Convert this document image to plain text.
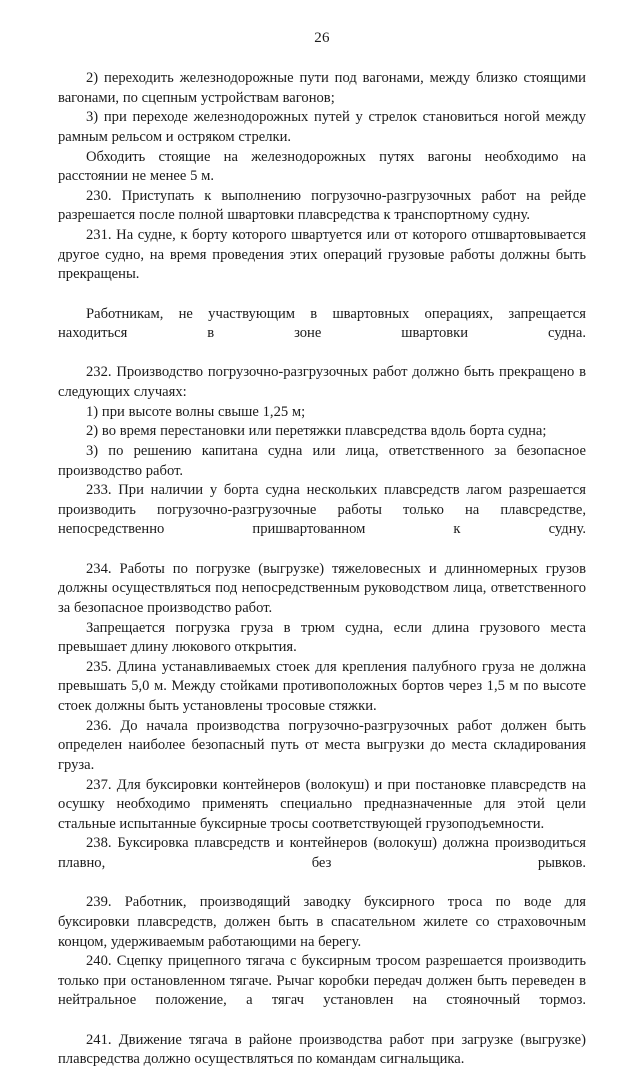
26

2) переходить железнодорожные пути под вагонами, между близко стоящими вагонами, по сцепным устройствам вагонов;

3) при переходе железнодорожных путей у стрелок становиться ногой между рамным рельсом и остряком стрелки.

Обходить стоящие на железнодорожных путях вагоны необходимо на расстоянии не менее 5 м.

230. Приступать к выполнению погрузочно-разгрузочных работ на рейде разрешается после полной швартовки плавсредства к транспортному судну.

231. На судне, к борту которого швартуется или от которого отшвартовывается другое судно, на время проведения этих операций грузовые работы должны быть прекращены.

Работникам, не участвующим в швартовных операциях, запрещается находиться в зоне швартовки судна.

232. Производство погрузочно-разгрузочных работ должно быть прекращено в следующих случаях:

1) при высоте волны свыше 1,25 м;

2) во время перестановки или перетяжки плавсредства вдоль борта судна;

3) по решению капитана судна или лица, ответственного за безопасное производство работ.

233. При наличии у борта судна нескольких плавсредств лагом разрешается производить погрузочно-разгрузочные работы только на плавсредстве, непосредственно пришвартованном к судну.

234. Работы по погрузке (выгрузке) тяжеловесных и длинномерных грузов должны осуществляться под непосредственным руководством лица, ответственного за безопасное производство работ.

Запрещается погрузка груза в трюм судна, если длина грузового места превышает длину люкового открытия.

235. Длина устанавливаемых стоек для крепления палубного груза не должна превышать 5,0 м. Между стойками противоположных бортов через 1,5 м по высоте стоек должны быть установлены тросовые стяжки.

236. До начала производства погрузочно-разгрузочных работ должен быть определен наиболее безопасный путь от места выгрузки до места складирования груза.

237. Для буксировки контейнеров (волокуш) и при постановке плавсредств на осушку необходимо применять специально предназначенные для этой цели стальные испытанные буксирные тросы соответствующей грузоподъемности.

238. Буксировка плавсредств и контейнеров (волокуш) должна производиться плавно, без рывков.

239. Работник, производящий заводку буксирного троса по воде для буксировки плавсредств, должен быть в спасательном жилете со страховочным концом, удерживаемым работающими на берегу.

240. Сцепку прицепного тягача с буксирным тросом разрешается производить только при остановленном тягаче. Рычаг коробки передач должен быть переведен в нейтральное положение, а тягач установлен на стояночный тормоз.

241. Движение тягача в районе производства работ при загрузке (выгрузке) плавсредства должно осуществляться по командам сигнальщика.
